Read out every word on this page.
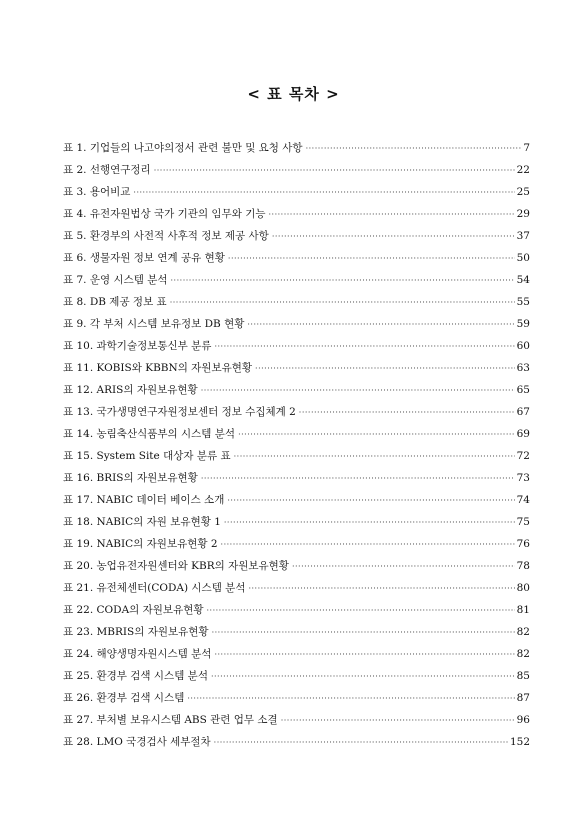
< 표 목차 >
표 1. 기업들의 나고야의정서 관련 불만 및 요청 사항 ·····	7
표 2. 선행연구정리 ·····	22
표 3. 용어비교 ·····	25
표 4. 유전자원법상 국가 기관의 임무와 기능 ·····	29
표 5. 환경부의 사전적 사후적 정보 제공 사항 ·····	37
표 6. 생물자원 정보 연계 공유 현황 ·····	50
표 7. 운영 시스템 분석 ·····	54
표 8. DB 제공 정보 표 ·····	55
표 9. 각 부처 시스템 보유정보 DB 현황 ·····	59
표 10. 과학기술정보통신부 분류 ·····	60
표 11. KOBIS와 KBBN의 자원보유현황 ·····	63
표 12. ARIS의 자원보유현황 ·····	65
표 13. 국가생명연구자원정보센터 정보 수집체계 2 ·····	67
표 14. 농림축산식품부의 시스템 분석 ·····	69
표 15. System Site 대상자 분류 표 ·····	72
표 16. BRIS의 자원보유현황 ·····	73
표 17. NABIC 데이터 베이스 소개 ·····	74
표 18. NABIC의 자원 보유현황 1 ·····	75
표 19. NABIC의 자원보유현황 2 ·····	76
표 20. 농업유전자원센터와 KBR의 자원보유현황 ·····	78
표 21. 유전체센터(CODA) 시스템 분석 ·····	80
표 22. CODA의 자원보유현황 ·····	81
표 23. MBRIS의 자원보유현황 ·····	82
표 24. 해양생명자원시스템 분석 ·····	82
표 25. 환경부 검색 시스템 분석 ·····	85
표 26. 환경부 검색 시스템 ·····	87
표 27. 부처별 보유시스템 ABS 관련 업무 소결 ·····	96
표 28. LMO 국경검사 세부절차 ·····	152
